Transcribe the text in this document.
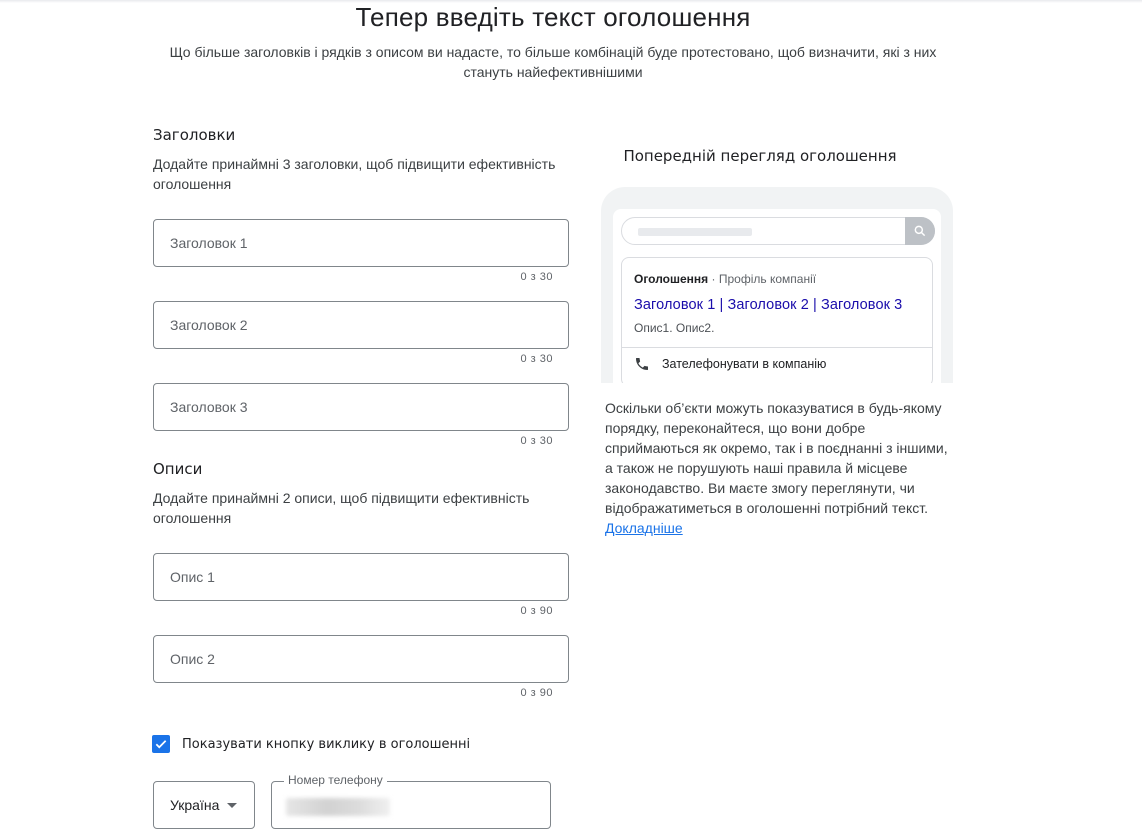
Тепер введіть текст оголошення
Що більше заголовків і рядків з описом ви надасте, то більше комбінацій буде протестовано, щоб визначити, які з них стануть найефективнішими
Заголовки
Додайте принаймні 3 заголовки, щоб підвищити ефективність оголошення
Заголовок 1
0 з 30
Заголовок 2
0 з 30
Заголовок 3
0 з 30
Описи
Додайте принаймні 2 описи, щоб підвищити ефективність оголошення
Опис 1
0 з 90
Опис 2
0 з 90
Показувати кнопку виклику в оголошенні
Україна
Номер телефону
Попередній перегляд оголошення
Оголошення · Профіль компанії
Заголовок 1 | Заголовок 2 | Заголовок 3
Опис1. Опис2.
Зателефонувати в компанію
Оскільки об’єкти можуть показуватися в будь-якому порядку, переконайтеся, що вони добре сприймаються як окремо, так і в поєднанні з іншими, а також не порушують наші правила й місцеве законодавство. Ви маєте змогу переглянути, чи відображатиметься в оголошенні потрібний текст. Докладніше
